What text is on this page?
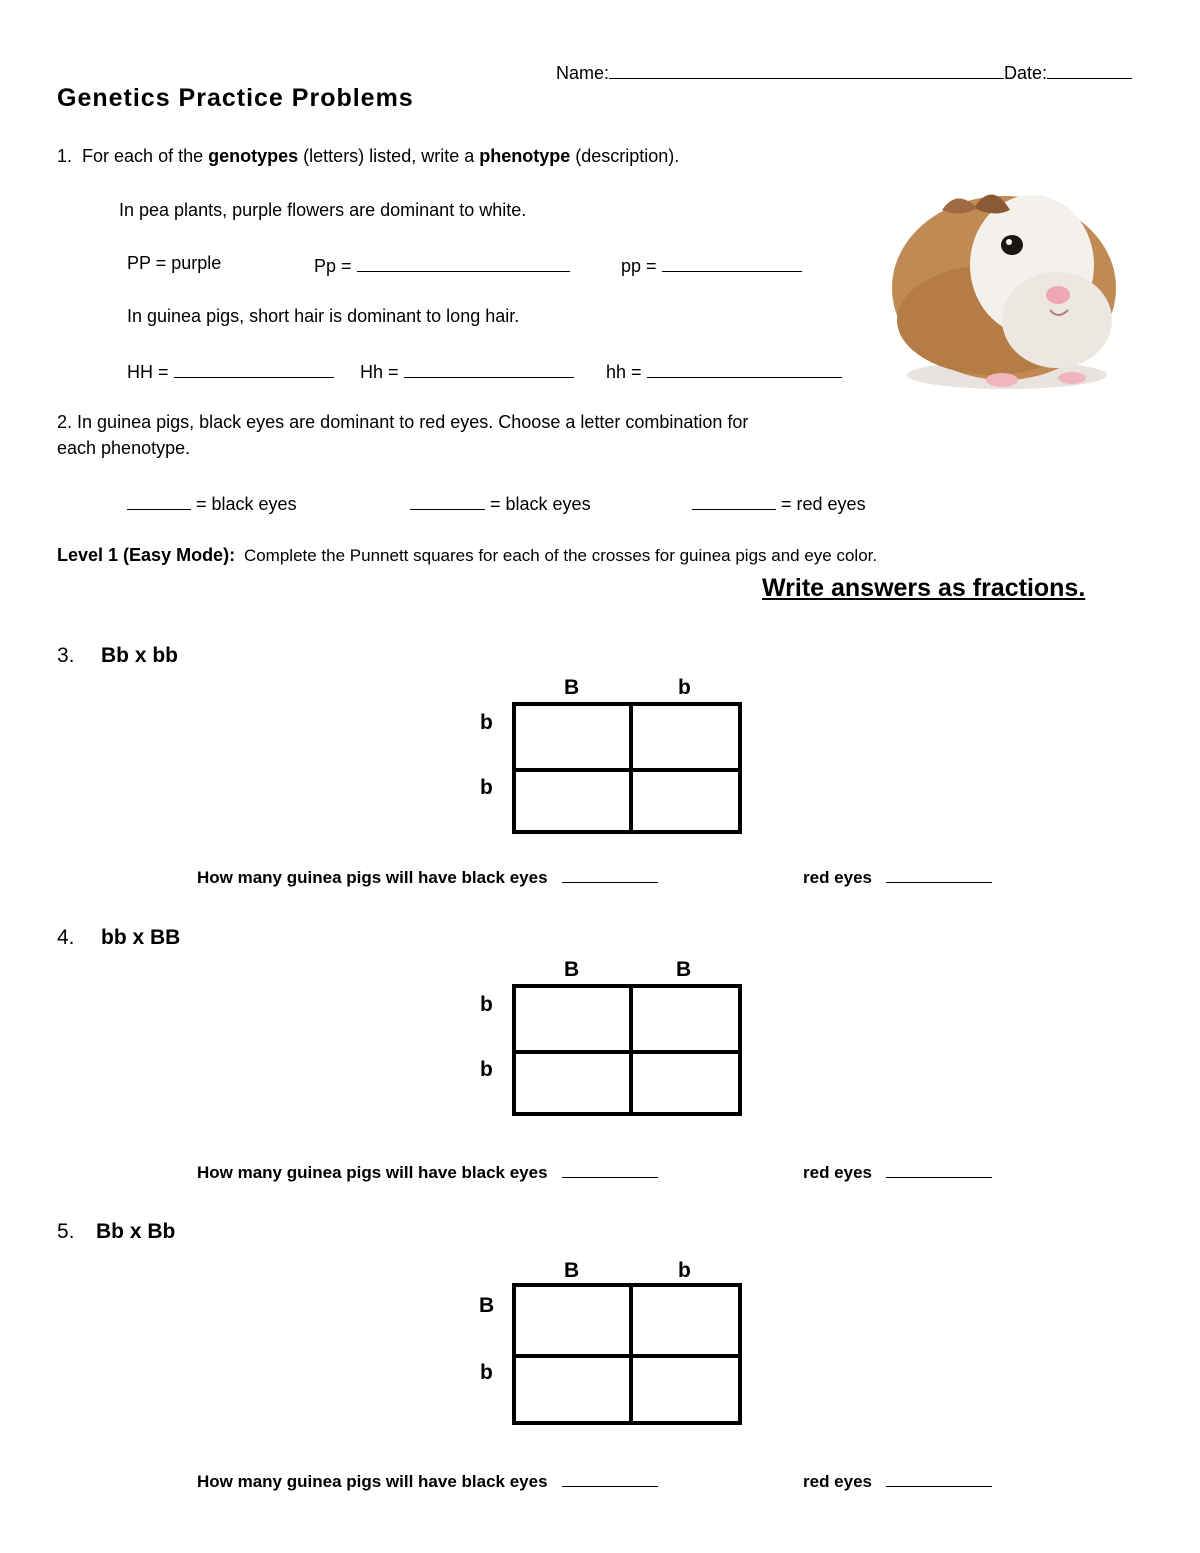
Name:	Date:
Genetics Practice Problems
1. For each of the genotypes (letters) listed, write a phenotype (description).
In pea plants, purple flowers are dominant to white.
PP = purple	Pp =	pp =
In guinea pigs, short hair is dominant to long hair.
HH =	Hh =	hh =
2. In guinea pigs, black eyes are dominant to red eyes. Choose a letter combination for
each phenotype.
= black eyes	= black eyes	= red eyes
Level 1 (Easy Mode): Complete the Punnett squares for each of the crosses for guinea pigs and eye color.
Write answers as fractions.
3. Bb x bb
B	b
b
b
How many guinea pigs will have black eyes	red eyes
4. bb x BB
B	B
b
b
How many guinea pigs will have black eyes	red eyes
5. Bb x Bb
B	b
B
b
How many guinea pigs will have black eyes	red eyes
